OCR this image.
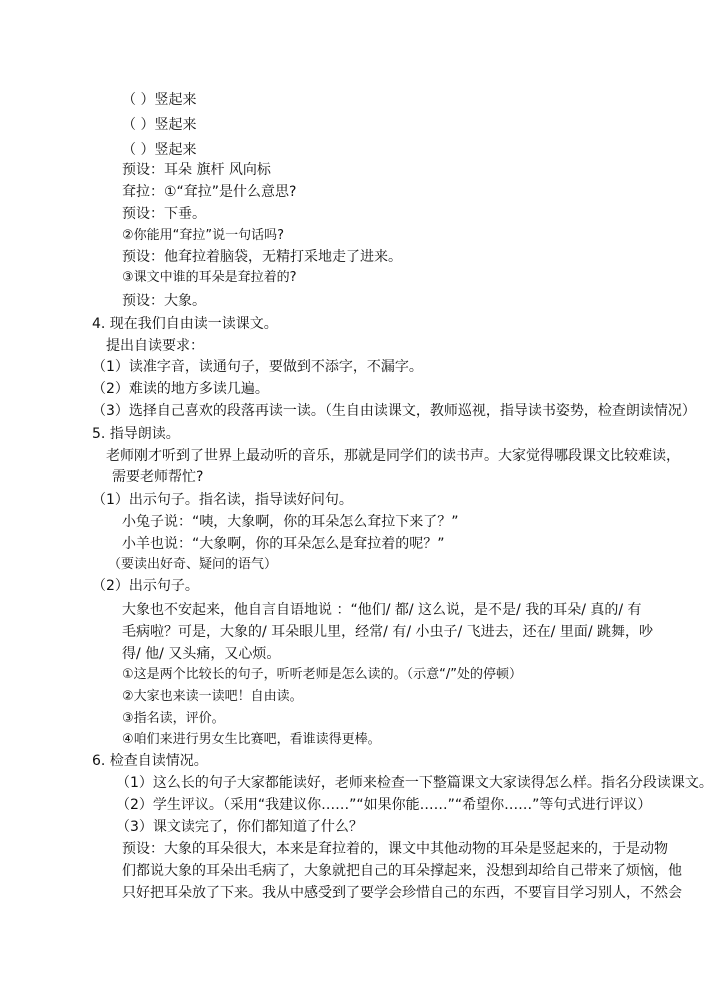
（ ）竖起来
（ ）竖起来
（ ）竖起来
预设：耳朵 旗杆 风向标
耷拉：①“耷拉”是什么意思?
预设：下垂。
②你能用“耷拉”说一句话吗?
预设：他耷拉着脑袋，无精打采地走了进来。
③课文中谁的耳朵是耷拉着的?
预设：大象。
4. 现在我们自由读一读课文。
提出自读要求：
（1）读准字音，读通句子，要做到不添字，不漏字。
（2）难读的地方多读几遍。
（3）选择自己喜欢的段落再读一读。（生自由读课文，教师巡视，指导读书姿势，检查朗读情况）
5. 指导朗读。
老师刚才听到了世界上最动听的音乐，那就是同学们的读书声。大家觉得哪段课文比较难读，
需要老师帮忙?
（1）出示句子。指名读，指导读好问句。
小兔子说：“咦，大象啊，你的耳朵怎么耷拉下来了？”
小羊也说：“大象啊，你的耳朵怎么是耷拉着的呢？”
（要读出好奇、疑问的语气）
（2）出示句子。
大象也不安起来，他自言自语地说 ：“他们/ 都/ 这么说，是不是/ 我的耳朵/ 真的/ 有
毛病啦？可是，大象的/ 耳朵眼儿里，经常/ 有/ 小虫子/ 飞进去，还在/ 里面/ 跳舞，吵
得/ 他/ 又头痛，又心烦。
①这是两个比较长的句子，听听老师是怎么读的。（示意“/”处的停顿）
②大家也来读一读吧！自由读。
③指名读，评价。
④咱们来进行男女生比赛吧，看谁读得更棒。
6. 检查自读情况。
（1）这么长的句子大家都能读好，老师来检查一下整篇课文大家读得怎么样。指名分段读课文。
（2）学生评议。（采用“我建议你……”“如果你能……”“希望你……”等句式进行评议）
（3）课文读完了，你们都知道了什么？
预设：大象的耳朵很大，本来是耷拉着的，课文中其他动物的耳朵是竖起来的，于是动物
们都说大象的耳朵出毛病了，大象就把自己的耳朵撑起来，没想到却给自己带来了烦恼，他
只好把耳朵放了下来。我从中感受到了要学会珍惜自己的东西，不要盲目学习别人，不然会
